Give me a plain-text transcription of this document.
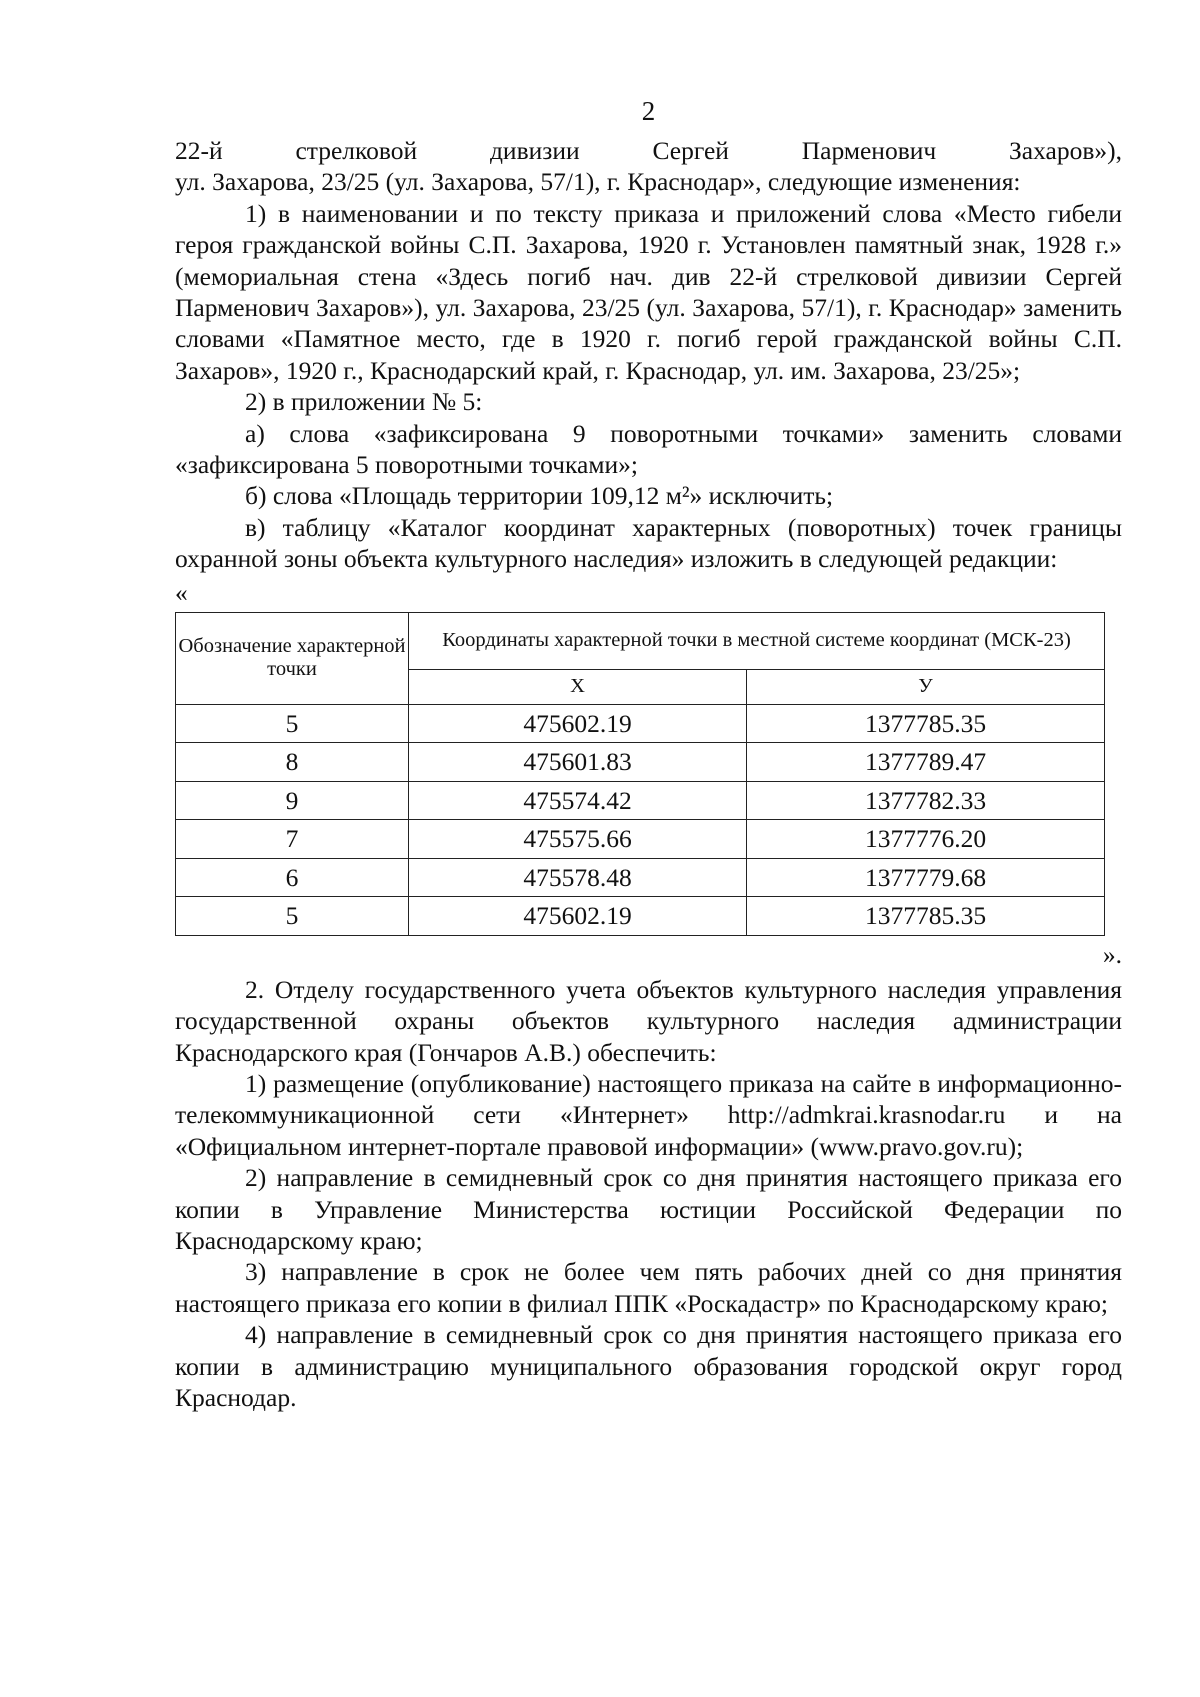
2

22-й	стрелковой	дивизии	Сергей	Парменович	Захаров»),

ул. Захарова, 23/25 (ул. Захарова, 57/1), г. Краснодар», следующие изменения:

1) в наименовании и по тексту приказа и приложений слова «Место гибели героя гражданской войны С.П. Захарова, 1920 г. Установлен памятный знак, 1928 г.» (мемориальная стена «Здесь погиб нач. див 22-й стрелковой дивизии Сергей Парменович Захаров»), ул. Захарова, 23/25 (ул. Захарова, 57/1), г. Краснодар» заменить словами «Памятное место, где в 1920 г. погиб герой гражданской войны С.П. Захаров», 1920 г., Краснодарский край, г. Краснодар, ул. им. Захарова, 23/25»;

2) в приложении № 5:

а) слова «зафиксирована 9 поворотными точками» заменить словами «зафиксирована 5 поворотными точками»;

б) слова «Площадь территории 109,12 м²» исключить;

в) таблицу «Каталог координат характерных (поворотных) точек границы охранной зоны объекта культурного наследия» изложить в следующей редакции:

«
Обозначение характерной точки	Координаты характерной точки в местной системе координат (МСК-23)	
	X	У
5	475602.19	1377785.35
8	475601.83	1377789.47
9	475574.42	1377782.33
7	475575.66	1377776.20
6	475578.48	1377779.68
5	475602.19	1377785.35
».

2. Отделу государственного учета объектов культурного наследия управления государственной охраны объектов культурного наследия администрации Краснодарского края (Гончаров А.В.) обеспечить:

1) размещение (опубликование) настоящего приказа на сайте в информационно-телекоммуникационной сети «Интернет» http://admkrai.krasnodar.ru и на «Официальном интернет-портале правовой информации» (www.pravo.gov.ru);

2) направление в семидневный срок со дня принятия настоящего приказа его копии в Управление Министерства юстиции Российской Федерации по Краснодарскому краю;

3) направление в срок не более чем пять рабочих дней со дня принятия настоящего приказа его копии в филиал ППК «Роскадастр» по Краснодарскому краю;

4) направление в семидневный срок со дня принятия настоящего приказа его копии в администрацию муниципального образования городской округ город Краснодар.
